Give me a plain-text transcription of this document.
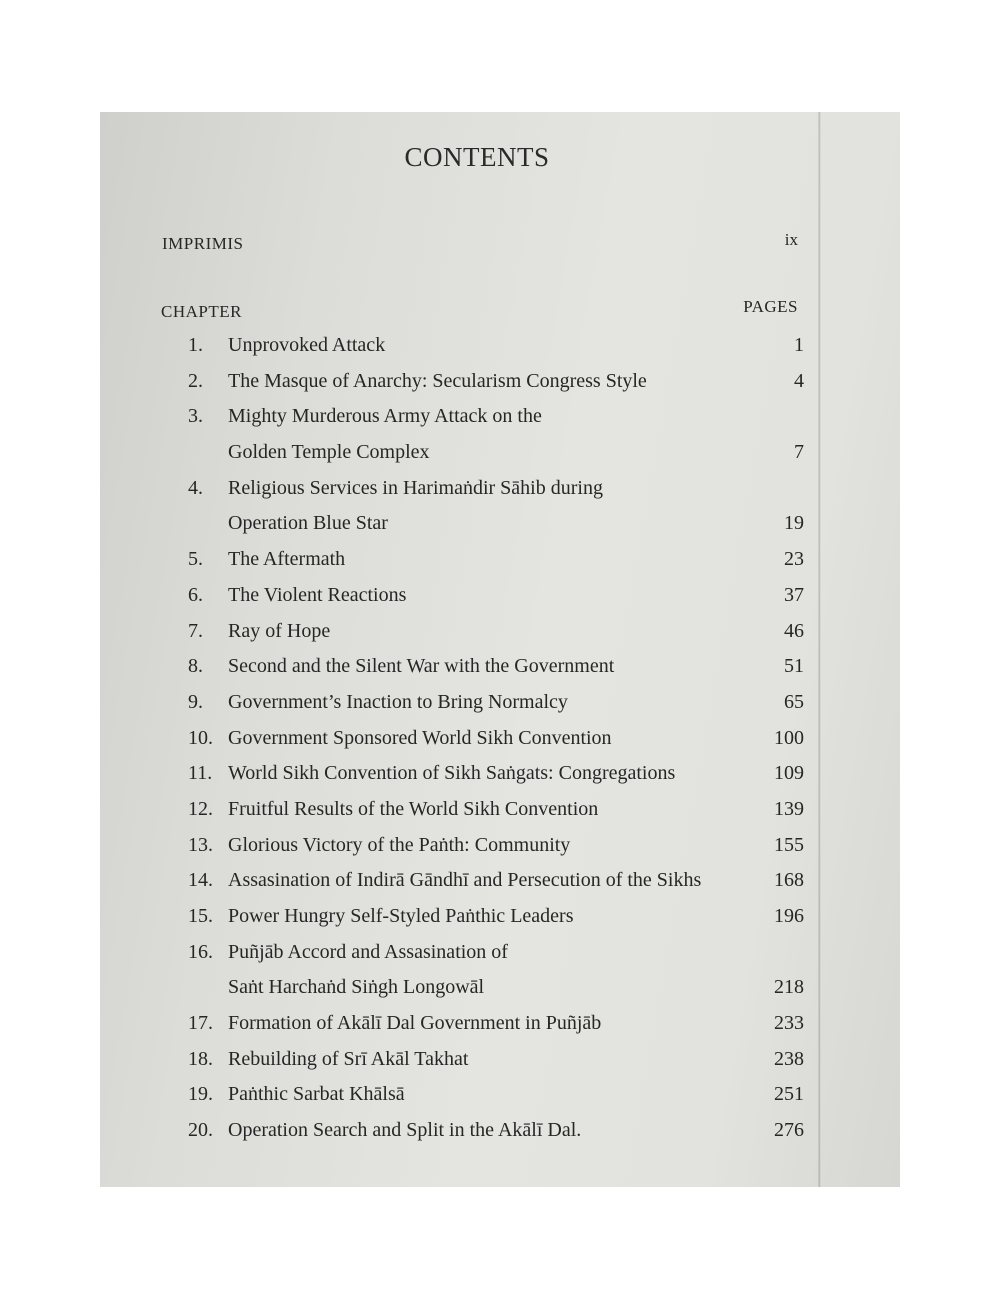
CONTENTS
IMPRIMIS	ix
CHAPTER	PAGES
1.	Unprovoked Attack	1
2.	The Masque of Anarchy: Secularism Congress Style	4
3.	Mighty Murderous Army Attack on the
Golden Temple Complex	7
4.	Religious Services in Harimaṅdir Sāhib during
Operation Blue Star	19
5.	The Aftermath	23
6.	The Violent Reactions	37
7.	Ray of Hope	46
8.	Second and the Silent War with the Government	51
9.	Government’s Inaction to Bring Normalcy	65
10. Government Sponsored World Sikh Convention	100
11. World Sikh Convention of Sikh Saṅgats: Congregations	109
12. Fruitful Results of the World Sikh Convention	139
13. Glorious Victory of the Paṅth: Community	155
14. Assasination of Indirā Gāndhī and Persecution of the Sikhs	168
15. Power Hungry Self-Styled Paṅthic Leaders	196
16. Puñjāb Accord and Assasination of
Saṅt Harchaṅd Siṅgh Longowāl	218
17. Formation of Akālī Dal Government in Puñjāb	233
18. Rebuilding of Srī Akāl Takhat	238
19. Paṅthic Sarbat Khālsā	251
20. Operation Search and Split in the Akālī Dal.	276
